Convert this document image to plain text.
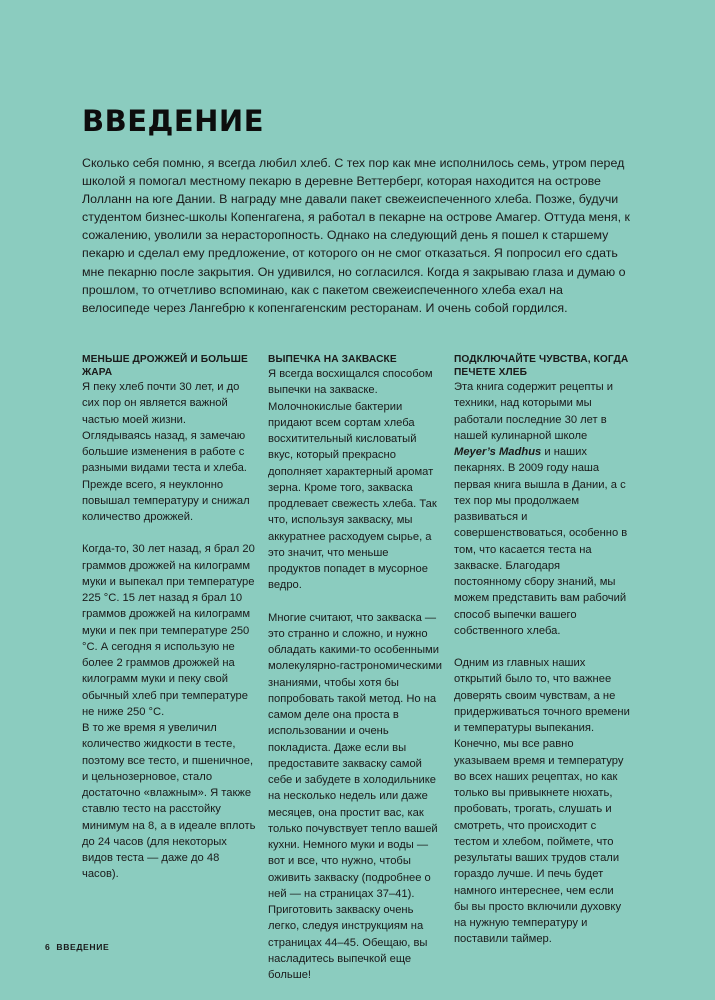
ВВЕДЕНИЕ

Сколько себя помню, я всегда любил хлеб. С тех пор как мне исполнилось семь, утром перед школой я помогал местному пекарю в деревне Веттерберг, которая находится на острове Лолланн на юге Дании. В награду мне давали пакет свежеиспеченного хлеба. Позже, будучи студентом бизнес-школы Копенгагена, я работал в пекарне на острове Амагер. Оттуда меня, к сожалению, уволили за нерасторопность. Однако на следующий день я пошел к старшему пекарю и сделал ему предложение, от которого он не смог отказаться. Я попросил его сдать мне пекарню после закрытия. Он удивился, но согласился. Когда я закрываю глаза и думаю о прошлом, то отчетливо вспоминаю, как с пакетом свежеиспеченного хлеба ехал на велосипеде через Лангебрю к копенгагенским ресторанам. И очень собой гордился.

МЕНЬШЕ ДРОЖЖЕЙ И БОЛЬШЕ ЖАРА

Я пеку хлеб почти 30 лет, и до сих пор он является важной частью моей жизни. Оглядываясь назад, я замечаю большие изменения в работе с разными видами теста и хлеба. Прежде всего, я неуклонно повышал температуру и снижал количество дрожжей.

Когда-то, 30 лет назад, я брал 20 граммов дрожжей на килограмм муки и выпекал при температуре 225 °С. 15 лет назад я брал 10 граммов дрожжей на килограмм муки и пек при температуре 250 °С. А сегодня я использую не более 2 граммов дрожжей на килограмм муки и пеку свой обычный хлеб при температуре не ниже 250 °С.

В то же время я увеличил количество жидкости в тесте, поэтому все тесто, и пшеничное, и цельнозерновое, стало достаточно «влажным». Я также ставлю тесто на расстойку минимум на 8, а в идеале вплоть до 24 часов (для некоторых видов теста — даже до 48 часов).

ВЫПЕЧКА НА ЗАКВАСКЕ

Я всегда восхищался способом выпечки на закваске. Молочнокислые бактерии придают всем сортам хлеба восхитительный кисловатый вкус, который прекрасно дополняет характерный аромат зерна. Кроме того, закваска продлевает свежесть хлеба. Так что, используя закваску, мы аккуратнее расходуем сырье, а это значит, что меньше продуктов попадет в мусорное ведро.

Многие считают, что закваска — это странно и сложно, и нужно обладать какими-то особенными молекулярно-гастрономическими знаниями, чтобы хотя бы попробовать такой метод. Но на самом деле она проста в использовании и очень покладиста. Даже если вы предоставите закваску самой себе и забудете в холодильнике на несколько недель или даже месяцев, она простит вас, как только почувствует тепло вашей кухни. Немного муки и воды — вот и все, что нужно, чтобы оживить закваску (подробнее о ней — на страницах 37–41). Приготовить закваску очень легко, следуя инструкциям на страницах 44–45. Обещаю, вы насладитесь выпечкой еще больше!

ПОДКЛЮЧАЙТЕ ЧУВСТВА, КОГДА ПЕЧЕТЕ ХЛЕБ

Эта книга содержит рецепты и техники, над которыми мы работали последние 30 лет в нашей кулинарной школе Meyer’s Madhus и наших пекарнях. В 2009 году наша первая книга вышла в Дании, а с тех пор мы продолжаем развиваться и совершенствоваться, особенно в том, что касается теста на закваске. Благодаря постоянному сбору знаний, мы можем представить вам рабочий способ выпечки вашего собственного хлеба.

Одним из главных наших открытий было то, что важнее доверять своим чувствам, а не придерживаться точного времени и температуры выпекания. Конечно, мы все равно указываем время и температуру во всех наших рецептах, но как только вы привыкнете нюхать, пробовать, трогать, слушать и смотреть, что происходит с тестом и хлебом, поймете, что результаты ваших трудов стали гораздо лучше. И печь будет намного интереснее, чем если бы вы просто включили духовку на нужную температуру и поставили таймер.

6 ВВЕДЕНИЕ
